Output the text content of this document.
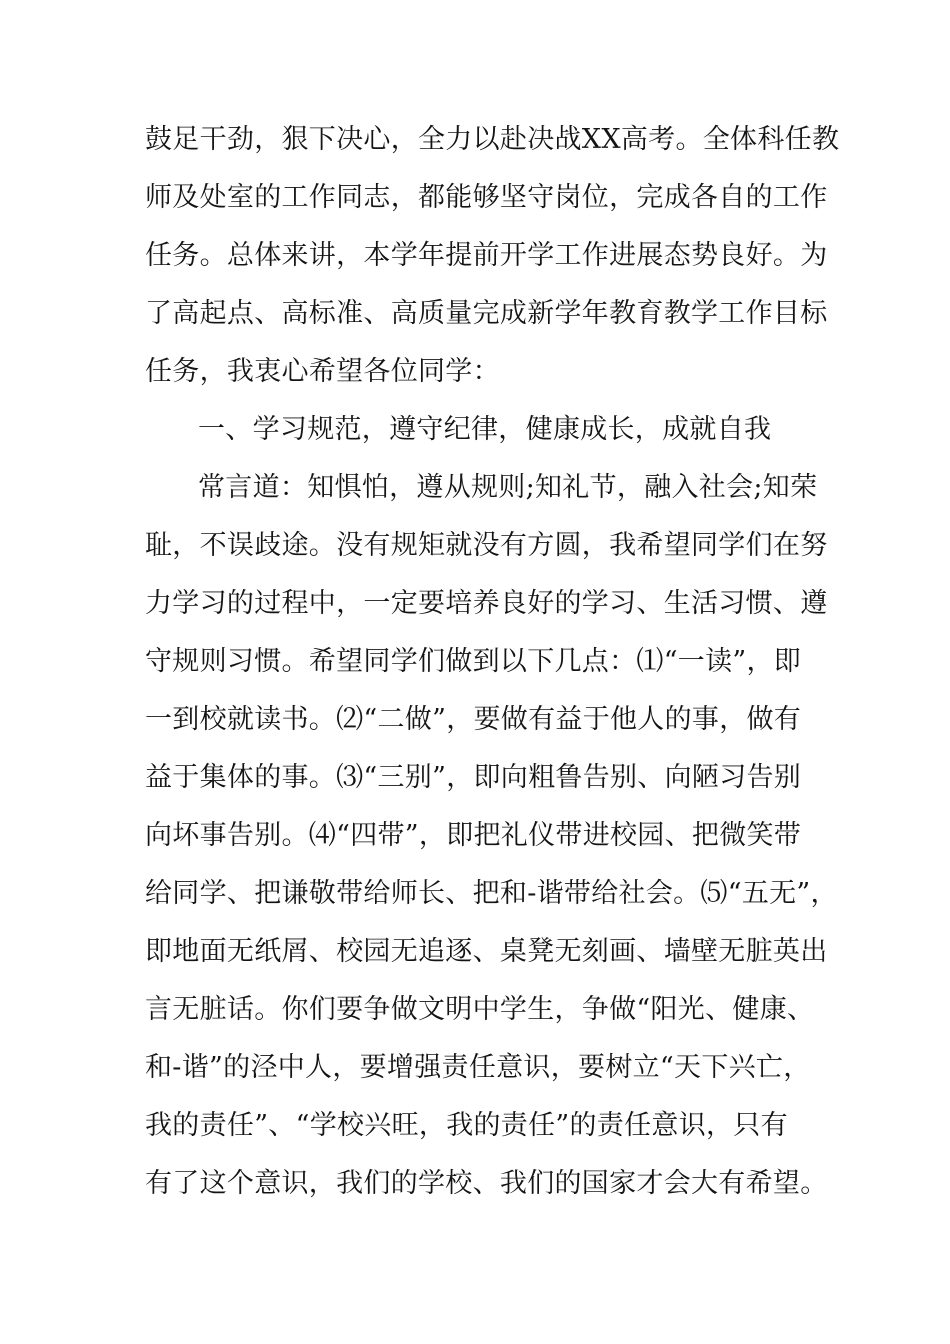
鼓足干劲，狠下决心，全力以赴决战XX高考。全体科任教
师及处室的工作同志，都能够坚守岗位，完成各自的工作
任务。总体来讲，本学年提前开学工作进展态势良好。为
了高起点、高标准、高质量完成新学年教育教学工作目标
任务，我衷心希望各位同学：
一、学习规范，遵守纪律，健康成长，成就自我
常言道：知惧怕，遵从规则;知礼节，融入社会;知荣
耻，不误歧途。没有规矩就没有方圆，我希望同学们在努
力学习的过程中，一定要培养良好的学习、生活习惯、遵
守规则习惯。希望同学们做到以下几点：⑴“一读”，即
一到校就读书。⑵“二做”，要做有益于他人的事，做有
益于集体的事。⑶“三别”，即向粗鲁告别、向陋习告别
向坏事告别。⑷“四带”，即把礼仪带进校园、把微笑带
给同学、把谦敬带给师长、把和-谐带给社会。⑸“五无”，
即地面无纸屑、校园无追逐、桌凳无刻画、墙壁无脏英出
言无脏话。你们要争做文明中学生，争做“阳光、健康、
和-谐”的泾中人，要增强责任意识，要树立“天下兴亡，
我的责任”、“学校兴旺，我的责任”的责任意识，只有
有了这个意识，我们的学校、我们的国家才会大有希望。
